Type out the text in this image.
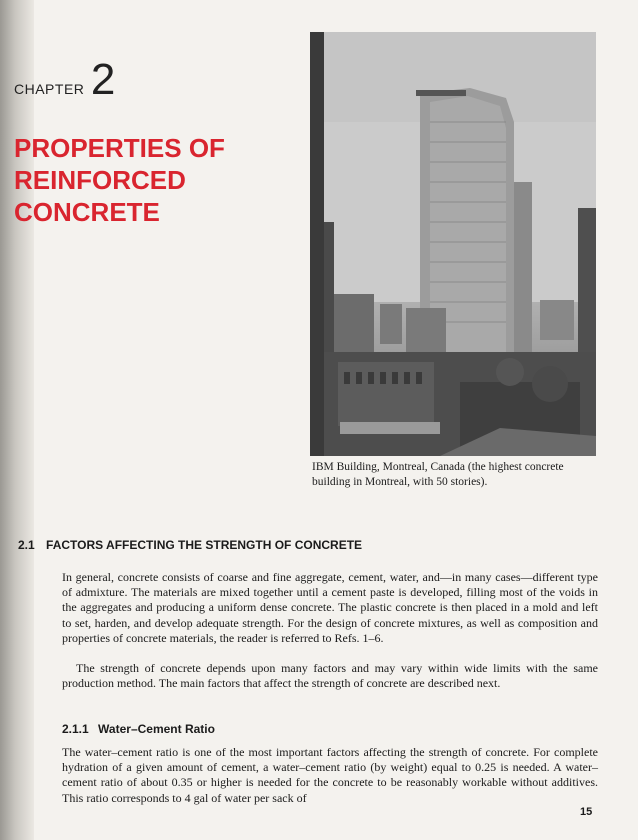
CHAPTER 2
PROPERTIES OF
REINFORCED
CONCRETE
IBM Building, Montreal, Canada (the highest concrete building in Montreal, with 50 stories).
2.1 FACTORS AFFECTING THE STRENGTH OF CONCRETE

In general, concrete consists of coarse and fine aggregate, cement, water, and—in many cases—different type of admixture. The materials are mixed together until a cement paste is developed, filling most of the voids in the aggregates and producing a uniform dense concrete. The plastic concrete is then placed in a mold and left to set, harden, and develop adequate strength. For the design of concrete mixtures, as well as composition and properties of concrete materials, the reader is referred to Refs. 1–6.

The strength of concrete depends upon many factors and may vary within wide limits with the same production method. The main factors that affect the strength of concrete are described next.

2.1.1 Water–Cement Ratio

The water–cement ratio is one of the most important factors affecting the strength of concrete. For complete hydration of a given amount of cement, a water–cement ratio (by weight) equal to 0.25 is needed. A water–cement ratio of about 0.35 or higher is needed for the concrete to be reasonably workable without additives. This ratio corresponds to 4 gal of water per sack of

15
